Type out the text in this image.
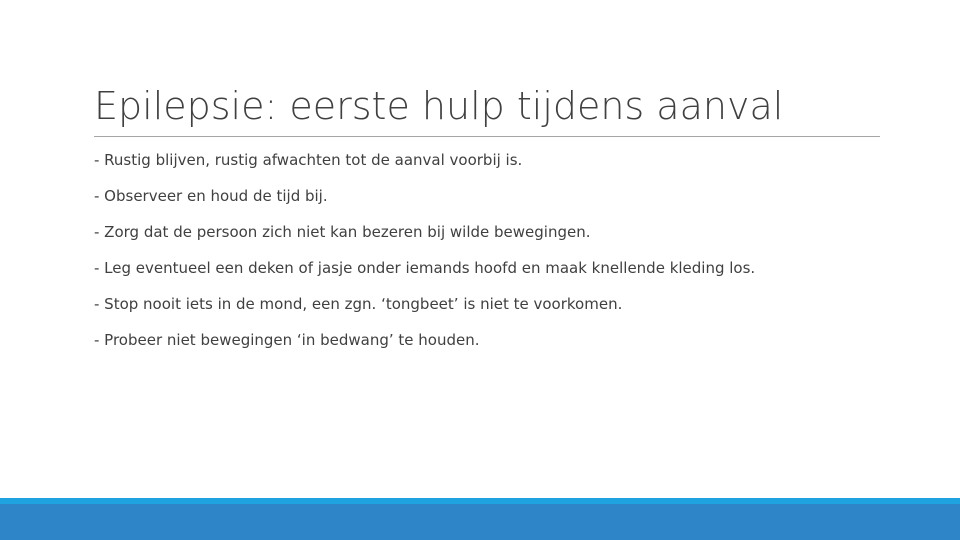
Epilepsie: eerste hulp tijdens aanval
- Rustig blijven, rustig afwachten tot de aanval voorbij is.
- Observeer en houd de tijd bij.
- Zorg dat de persoon zich niet kan bezeren bij wilde bewegingen.
- Leg eventueel een deken of jasje onder iemands hoofd en maak knellende kleding los.
- Stop nooit iets in de mond, een zgn. ‘tongbeet’ is niet te voorkomen.
- Probeer niet bewegingen ‘in bedwang’ te houden.
